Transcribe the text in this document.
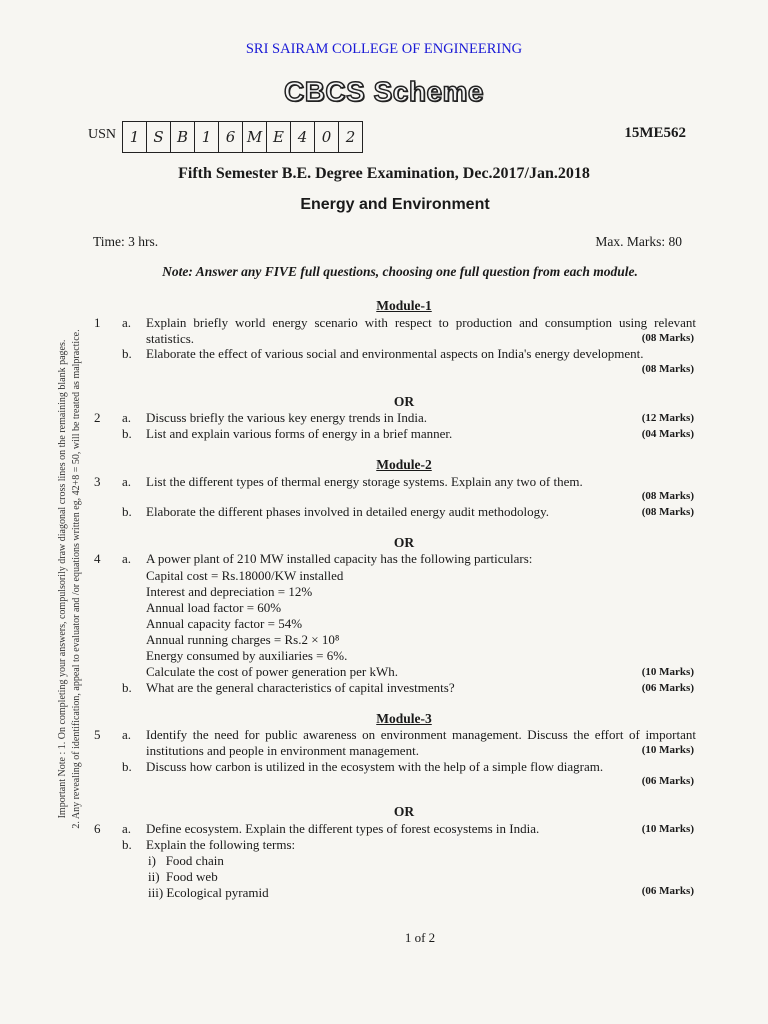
Important Note : 1. On completing your answers, compulsorily draw diagonal cross lines on the remaining blank pages. 2. Any revealing of identification, appeal to evaluator and /or equations written eg, 42+8 = 50, will be treated as malpractice.
SRI SAIRAM COLLEGE OF ENGINEERING
CBCS Scheme
USN 1 S B 1 6 M E 4 0 2	15ME562
Fifth Semester B.E. Degree Examination, Dec.2017/Jan.2018
Energy and Environment
Time: 3 hrs.	Max. Marks: 80
Note: Answer any FIVE full questions, choosing one full question from each module.
Module-1
1 a. Explain briefly world energy scenario with respect to production and consumption using relevant statistics.	(08 Marks)
b. Elaborate the effect of various social and environmental aspects on India's energy development.
(08 Marks)
OR
2 a. Discuss briefly the various key energy trends in India.	(12 Marks)
b. List and explain various forms of energy in a brief manner.	(04 Marks)
Module-2
3 a. List the different types of thermal energy storage systems. Explain any two of them.
(08 Marks)
b. Elaborate the different phases involved in detailed energy audit methodology.	(08 Marks)
OR
4 a. A power plant of 210 MW installed capacity has the following particulars:
Capital cost = Rs.18000/KW installed
Interest and depreciation = 12%
Annual load factor = 60%
Annual capacity factor = 54%
Annual running charges = Rs.2 × 10⁸
Energy consumed by auxiliaries = 6%.
Calculate the cost of power generation per kWh.	(10 Marks)
b. What are the general characteristics of capital investments?	(06 Marks)
Module-3
5 a. Identify the need for public awareness on environment management. Discuss the effort of important institutions and people in environment management.	(10 Marks)
b. Discuss how carbon is utilized in the ecosystem with the help of a simple flow diagram.
(06 Marks)
OR
6 a. Define ecosystem. Explain the different types of forest ecosystems in India.	(10 Marks)
b. Explain the following terms:
i)   Food chain
ii)  Food web
iii) Ecological pyramid	(06 Marks)
1 of 2
